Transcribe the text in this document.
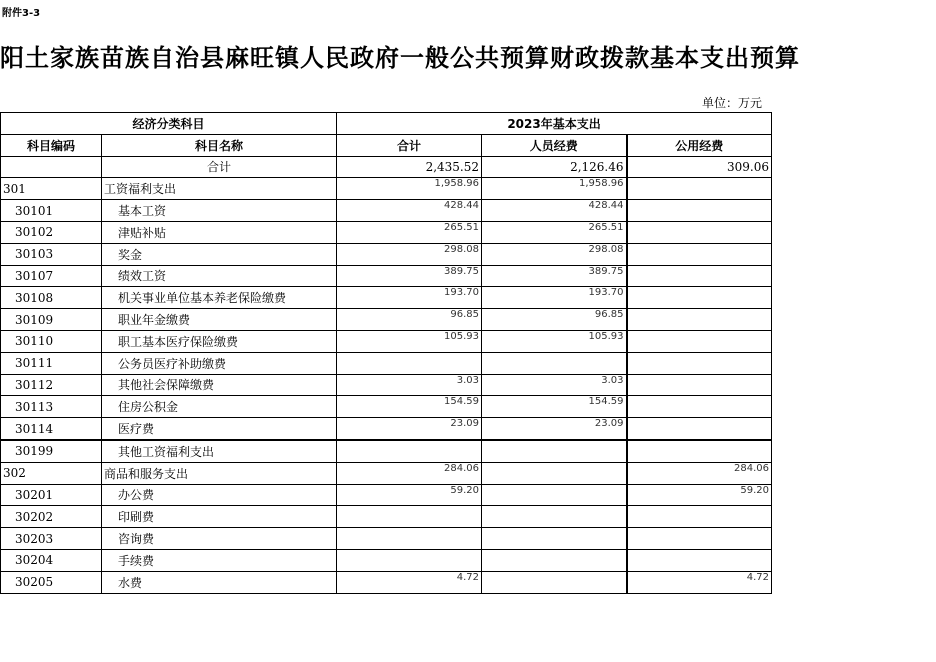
附件3-3
阳土家族苗族自治县麻旺镇人民政府一般公共预算财政拨款基本支出预算
单位：万元
经济分类科目		2023年基本支出		
科目编码	科目名称	合计	人员经费	公用经费
	合计	2,435.52	2,126.46	309.06
301	工资福利支出	1,958.96	1,958.96	
30101	基本工资	428.44	428.44	
30102	津贴补贴	265.51	265.51	
30103	奖金	298.08	298.08	
30107	绩效工资	389.75	389.75	
30108	机关事业单位基本养老保险缴费	193.70	193.70	
30109	职业年金缴费	96.85	96.85	
30110	职工基本医疗保险缴费	105.93	105.93	
30111	公务员医疗补助缴费			
30112	其他社会保障缴费	3.03	3.03	
30113	住房公积金	154.59	154.59	
30114	医疗费	23.09	23.09	
30199	其他工资福利支出			
302	商品和服务支出	284.06		284.06
30201	办公费	59.20		59.20
30202	印刷费			
30203	咨询费			
30204	手续费			
30205	水费	4.72		4.72
